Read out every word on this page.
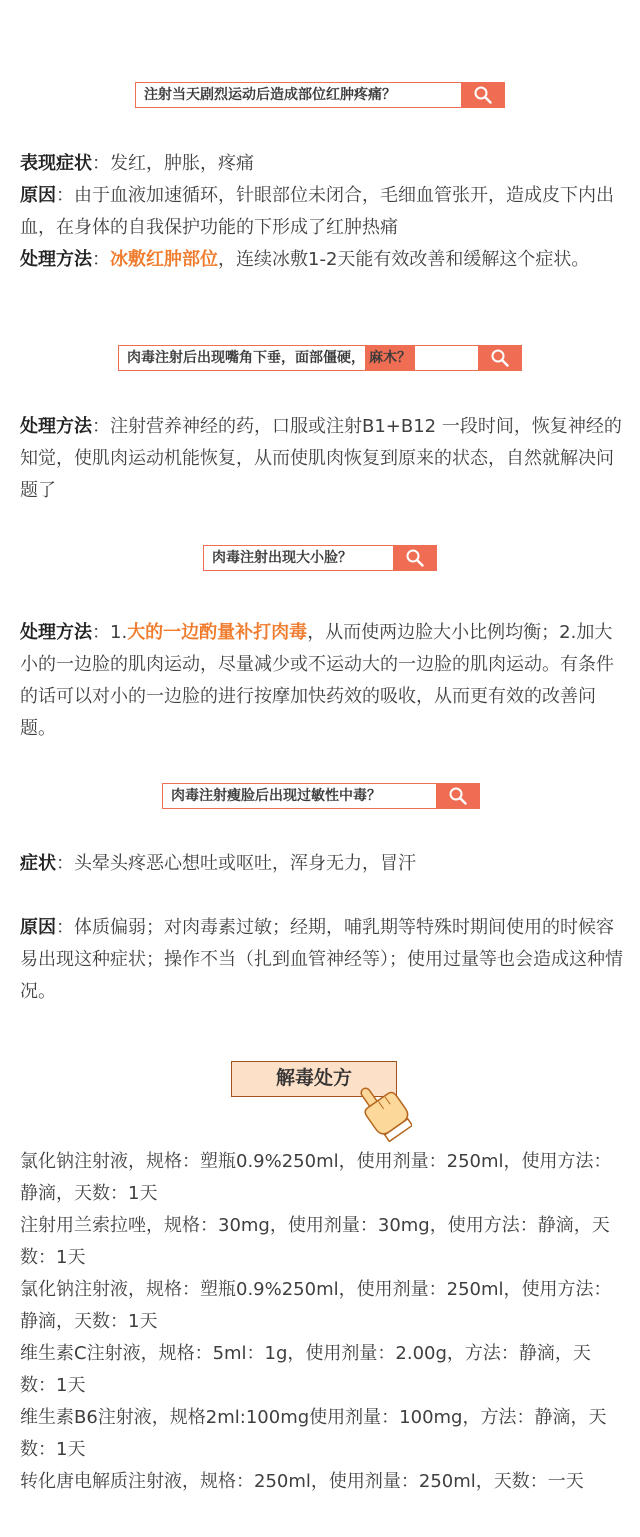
注射当天剧烈运动后造成部位红肿疼痛？
表现症状：发红，肿胀，疼痛
原因：由于血液加速循环，针眼部位未闭合，毛细血管张开，造成皮下内出血，在身体的自我保护功能的下形成了红肿热痛
处理方法：冰敷红肿部位，连续冰敷1-2天能有效改善和缓解这个症状。
肉毒注射后出现嘴角下垂，面部僵硬， 麻木？
处理方法：注射营养神经的药，口服或注射B1+B12 一段时间，恢复神经的知觉，使肌肉运动机能恢复，从而使肌肉恢复到原来的状态，自然就解决问题了
肉毒注射出现大小脸？
处理方法：1.大的一边酌量补打肉毒，从而使两边脸大小比例均衡；2.加大小的一边脸的肌肉运动，尽量减少或不运动大的一边脸的肌肉运动。有条件的话可以对小的一边脸的进行按摩加快药效的吸收，从而更有效的改善问题。
肉毒注射瘦脸后出现过敏性中毒？
症状：头晕头疼恶心想吐或呕吐，浑身无力，冒汗
原因：体质偏弱；对肉毒素过敏；经期，哺乳期等特殊时期间使用的时候容易出现这种症状；操作不当（扎到血管神经等）；使用过量等也会造成这种情况。
解毒处方
氯化钠注射液，规格：塑瓶0.9%250ml，使用剂量：250ml，使用方法：静滴，天数：1天
注射用兰索拉唑，规格：30mg，使用剂量：30mg，使用方法：静滴，天数：1天
氯化钠注射液，规格：塑瓶0.9%250ml，使用剂量：250ml，使用方法：静滴，天数：1天
维生素C注射液，规格：5ml：1g，使用剂量：2.00g，方法：静滴，天数：1天
维生素B6注射液，规格2ml:100mg使用剂量：100mg，方法：静滴，天数：1天
转化唐电解质注射液，规格：250ml，使用剂量：250ml，天数：一天
